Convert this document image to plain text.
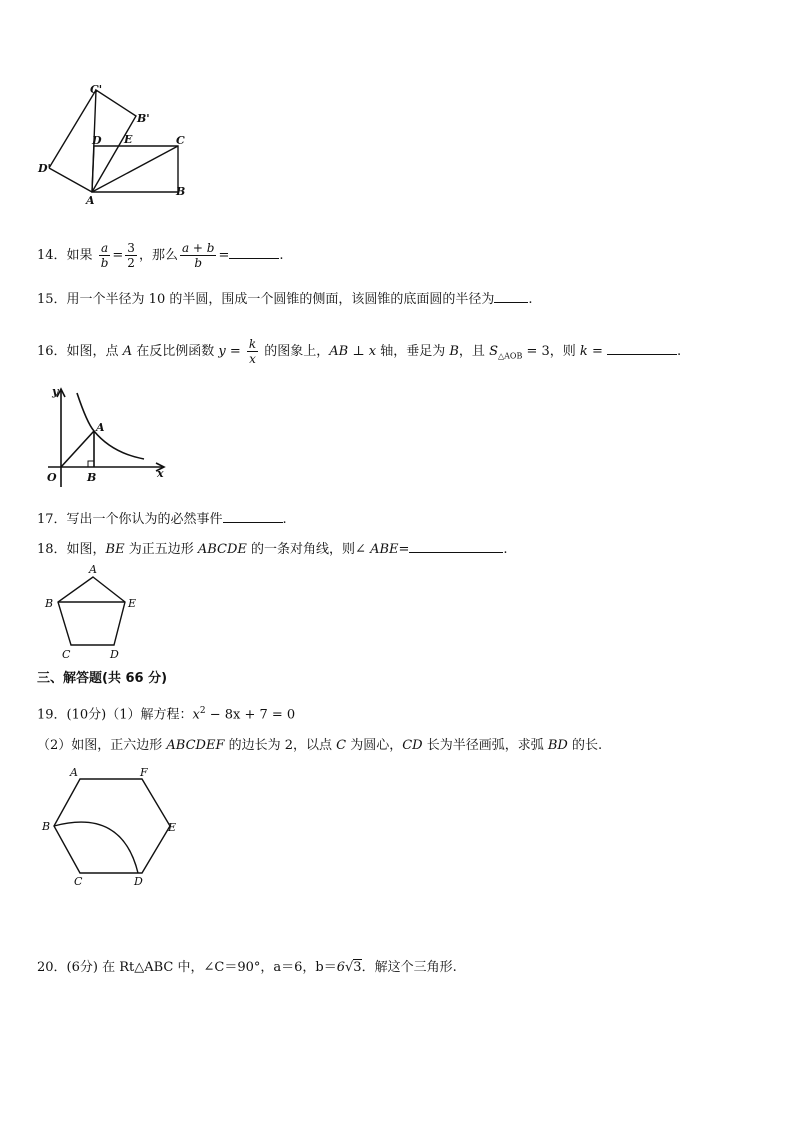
C'
B'
D E	C
D'
A
B
14．如果 $\frac{a}{b} = \frac{3}{2}$ ，那么 $\frac{a + b}{b}$ =	.
15．用一个半径为 10 的半圆，围成一个圆锥的侧面，该圆锥的底面圆的半径为	.
16．如图，点 A 在反比例函数 $y = \frac{k}{x}$ 的图象上，AB ⊥ x 轴，垂足为 B，且 $S_{\triangle AOB} = 3$，则 k =	.
y
A
O	B	x
17．写出一个你认为的必然事件	.
18．如图，BE 为正五边形 ABCDE 的一条对角线，则∠ ABE=	.
A
B	E
C	D
三、解答题(共 66 分)
19．(10分)（1）解方程：$x^2 - 8x + 7 = 0$
（2）如图，正六边形 ABCDEF 的边长为 2，以点 C 为圆心，CD 长为半径画弧，求弧 BD 的长.
A	F
B	E
C	D
20．(6分) 在 Rt△ABC 中，∠C＝90°，a＝6，b＝6√3．解这个三角形.
